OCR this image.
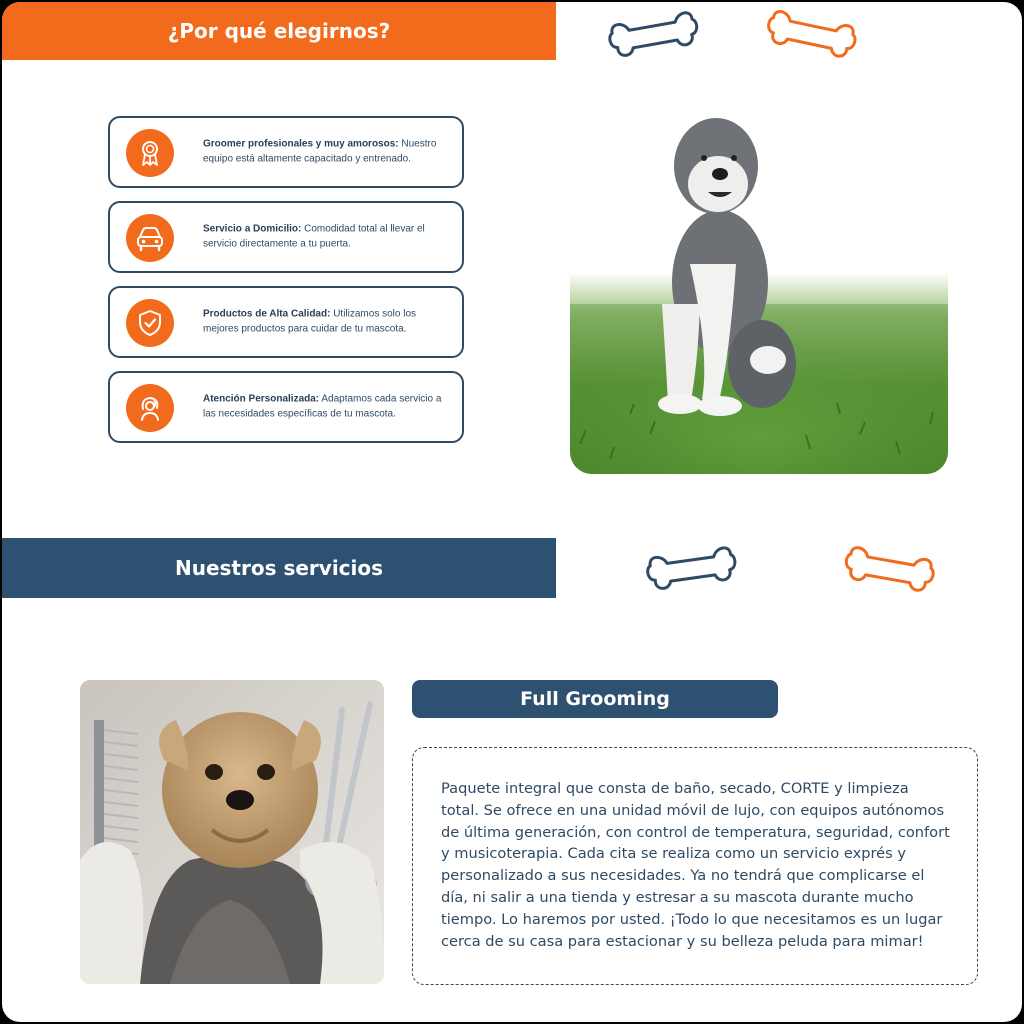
¿Por qué elegirnos?
Groomer profesionales y muy amorosos: Nuestro equipo está altamente capacitado y entrenado.
Servicio a Domicilio: Comodidad total al llevar el servicio directamente a tu puerta.
Productos de Alta Calidad: Utilizamos solo los mejores productos para cuidar de tu mascota.
Atención Personalizada: Adaptamos cada servicio a las necesidades específicas de tu mascota.
Nuestros servicios
Full Grooming

Paquete integral que consta de baño, secado, CORTE y limpieza total. Se ofrece en una unidad móvil de lujo, con equipos autónomos de última generación, con control de temperatura, seguridad, confort y musicoterapia. Cada cita se realiza como un servicio exprés y personalizado a sus necesidades. Ya no tendrá que complicarse el día, ni salir a una tienda y estresar a su mascota durante mucho tiempo. Lo haremos por usted. ¡Todo lo que necesitamos es un lugar cerca de su casa para estacionar y su belleza peluda para mimar!
